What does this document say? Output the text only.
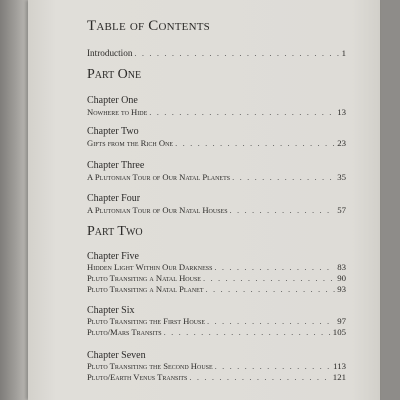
Table of Contents
Introduction . . .	1
Part One
Chapter One
Nowhere to Hide . . .	13
Chapter Two
Gifts from the Rich One . . .	23
Chapter Three
A Plutonian Tour of Our Natal Planets . . .	35
Chapter Four
A Plutonian Tour of Our Natal Houses . . .	57
Part Two
Chapter Five
Hidden Light Within Our Darkness . . .	83
Pluto Transiting a Natal House . . .	90
Pluto Transiting a Natal Planet . . .	93
Chapter Six
Pluto Transiting the First House . . .	97
Pluto/Mars Transits . . .	105
Chapter Seven
Pluto Transiting the Second House . . .	113
Pluto/Earth Venus Transits . . .	121
